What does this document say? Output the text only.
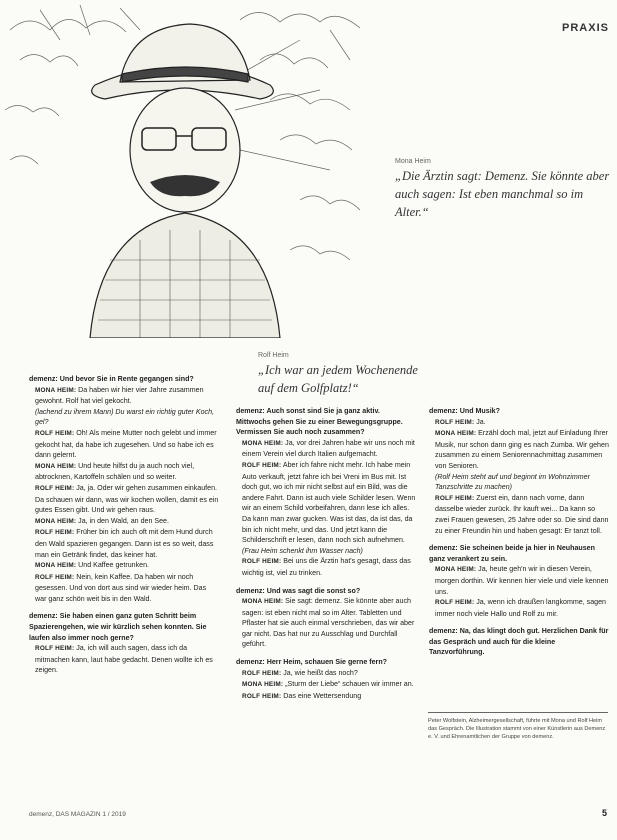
PRAXIS
Mona Heim
„Die Ärztin sagt: Demenz. Sie könnte aber auch sagen: Ist eben manchmal so im Alter.“
Rolf Heim
„Ich war an jedem Wochenende auf dem Golfplatz!“

demenz: Und bevor Sie in Rente gegangen sind?

MONA HEIM: Da haben wir hier vier Jahre zusammen gewohnt. Rolf hat viel gekocht.

(lachend zu ihrem Mann) Du warst ein richtig guter Koch, gel?

ROLF HEIM: Oh! Als meine Mutter noch gelebt und immer gekocht hat, da habe ich zugesehen. Und so habe ich es dann gelernt.

MONA HEIM: Und heute hilfst du ja auch noch viel, abtrocknen, Kartoffeln schälen und so weiter.

ROLF HEIM: Ja, ja. Oder wir gehen zusammen einkaufen. Da schauen wir dann, was wir kochen wollen, damit es ein gutes Essen gibt. Und wir gehen raus.

MONA HEIM: Ja, in den Wald, an den See.

ROLF HEIM: Früher bin ich auch oft mit dem Hund durch den Wald spazieren gegangen. Dann ist es so weit, dass man ein Getränk findet, das keiner hat.

MONA HEIM: Und Kaffee getrunken.

ROLF HEIM: Nein, kein Kaffee. Da haben wir noch gesessen. Und von dort aus sind wir wieder heim. Das war ganz schön weit bis in den Wald.

demenz: Sie haben einen ganz guten Schritt beim Spazierengehen, wie wir kürzlich sehen konnten. Sie laufen also immer noch gerne?

ROLF HEIM: Ja, ich will auch sagen, dass ich da mitmachen kann, laut habe gedacht. Denen wollte ich es zeigen.

demenz: Auch sonst sind Sie ja ganz aktiv. Mittwochs gehen Sie zu einer Bewegungsgruppe. Vermissen Sie auch noch zusammen?

MONA HEIM: Ja, vor drei Jahren habe wir uns noch mit einem Verein viel durch Italien aufgemacht.

ROLF HEIM: Aber ich fahre nicht mehr. Ich habe mein Auto verkauft, jetzt fahre ich bei Vreni im Bus mit. Ist doch gut, wo ich mir nicht selbst auf ein Bild, was die andere Fahrt. Dann ist auch viele Schilder lesen. Wenn wir an einem Schild vorbeifahren, dann lese ich alles. Da kann man zwar gucken. Was ist das, da ist das, da bin ich nicht mehr, und das. Und jetzt kann die Schilderschrift er lesen, dann noch sich aufnehmen.

(Frau Heim schenkt ihm Wasser nach)

ROLF HEIM: Bei uns die Ärztin hat's gesagt, dass das wichtig ist, viel zu trinken.

demenz: Und was sagt die sonst so?

MONA HEIM: Sie sagt: demenz. Sie könnte aber auch sagen: ist eben nicht mal so im Alter. Tabletten und Pflaster hat sie auch einmal verschrieben, das wir aber gar nicht. Das hat nur zu Ausschlag und Durchfall geführt.

demenz: Herr Heim, schauen Sie gerne fern?

ROLF HEIM: Ja, wie heißt das noch?

MONA HEIM: „Sturm der Liebe“ schauen wir immer an.

ROLF HEIM: Das eine Wettersendung

demenz: Und Musik?

ROLF HEIM: Ja.

MONA HEIM: Erzähl doch mal, jetzt auf Einladung Ihrer Musik, nur schon dann ging es nach Zumba. Wir gehen zusammen zu einem Seniorennachmittag zusammen von Senioren.

(Rolf Heim steht auf und beginnt im Wohnzimmer Tanzschritte zu machen)

ROLF HEIM: Zuerst ein, dann nach vorne, dann dasselbe wieder zurück. Ihr kauft wei... Da kann so zwei Frauen gewesen, 25 Jahre oder so. Die sind dann zu einer Freundin hin und haben gesagt: Er tanzt toll.

demenz: Sie scheinen beide ja hier in Neuhausen ganz verankert zu sein.

MONA HEIM: Ja, heute geh'n wir in diesen Verein, morgen dorthin. Wir kennen hier viele und viele kennen uns.

ROLF HEIM: Ja, wenn ich draußen langkomme, sagen immer noch viele Hallo und Rolf zu mir.

demenz: Na, das klingt doch gut. Herzlichen Dank für das Gespräch und auch für die kleine Tanzvorführung.

Peter Wolfstein, Alzheimergesellschaft, führte mit Mona und Rolf Heim das Gespräch. Die Illustration stammt von einer Künstlerin aus Demenz e. V. und Ehrenamtlichen der Gruppe von demenz.
demenz, DAS MAGAZIN 1 / 2019	5
